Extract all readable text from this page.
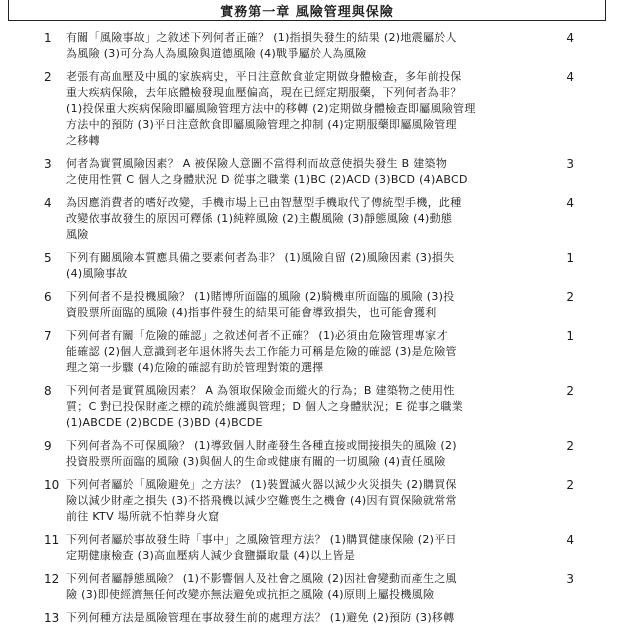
實務第一章 風險管理與保險
1	有關「風險事故」之敘述下列何者正確？ (1)指損失發生的結果 (2)地震屬於人
為風險 (3)可分為人為風險與道德風險 (4)戰爭屬於人為風險
4
2	老張有高血壓及中風的家族病史，平日注意飲食並定期做身體檢查，多年前投保
重大疾病保險，去年底體檢發現血壓偏高，現在已經定期服藥，下列何者為非？
(1)投保重大疾病保險即屬風險管理方法中的移轉 (2)定期做身體檢查即屬風險管理
方法中的預防 (3)平日注意飲食即屬風險管理之抑制 (4)定期服藥即屬風險管理
之移轉
4
3	何者為實質風險因素？ A 被保險人意圖不當得利而故意使損失發生 B 建築物
之使用性質 C 個人之身體狀況 D 從事之職業 (1)BC (2)ACD (3)BCD (4)ABCD
3
4	為因應消費者的嗜好改變，手機市場上已由智慧型手機取代了傳統型手機，此種
改變依事故發生的原因可釋係 (1)純粹風險 (2)主觀風險 (3)靜態風險 (4)動態
風險
4
5	下列有關風險本質應具備之要素何者為非？ (1)風險自留 (2)風險因素 (3)損失
(4)風險事故
1
6	下列何者不是投機風險？ (1)賭博所面臨的風險 (2)騎機車所面臨的風險 (3)投
資股票所面臨的風險 (4)指事件發生的結果可能會導致損失，也可能會獲利
2
7	下列何者有關「危險的確認」之敘述何者不正確？ (1)必須由危險管理專家才
能確認 (2)個人意識到老年退休將失去工作能力可稱是危險的確認 (3)是危險管
理之第一步驟 (4)危險的確認有助於管理對策的選擇
1
8	下列何者是實質風險因素？ A 為領取保險金而縱火的行為；B 建築物之使用性
質；C 對已投保財產之標的疏於維護與管理；D 個人之身體狀況；E 從事之職業
(1)ABCDE (2)BCDE (3)BD (4)BCDE
2
9	下列何者為不可保風險？ (1)導致個人財產發生各種直接或間接損失的風險 (2)
投資股票所面臨的風險 (3)與個人的生命或健康有關的一切風險 (4)責任風險
2
10 下列何者屬於「風險避免」之方法？ (1)裝置滅火器以減少火災損失 (2)購買保
險以減少財產之損失 (3)不搭飛機以減少空難喪生之機會 (4)因有買保險就常常
前往 KTV 場所就不怕葬身火窟
2
11 下列何者屬於事故發生時「事中」之風險管理方法？ (1)購買健康保險 (2)平日
定期健康檢查 (3)高血壓病人減少食鹽攝取量 (4)以上皆是
4
12 下列何者屬靜態風險？ (1)不影響個人及社會之風險 (2)因社會變動而產生之風
險 (3)即使經濟無任何改變亦無法避免或抗拒之風險 (4)原則上屬投機風險
3
13 下列何種方法是風險管理在事故發生前的處理方法？ (1)避免 (2)預防 (3)移轉
